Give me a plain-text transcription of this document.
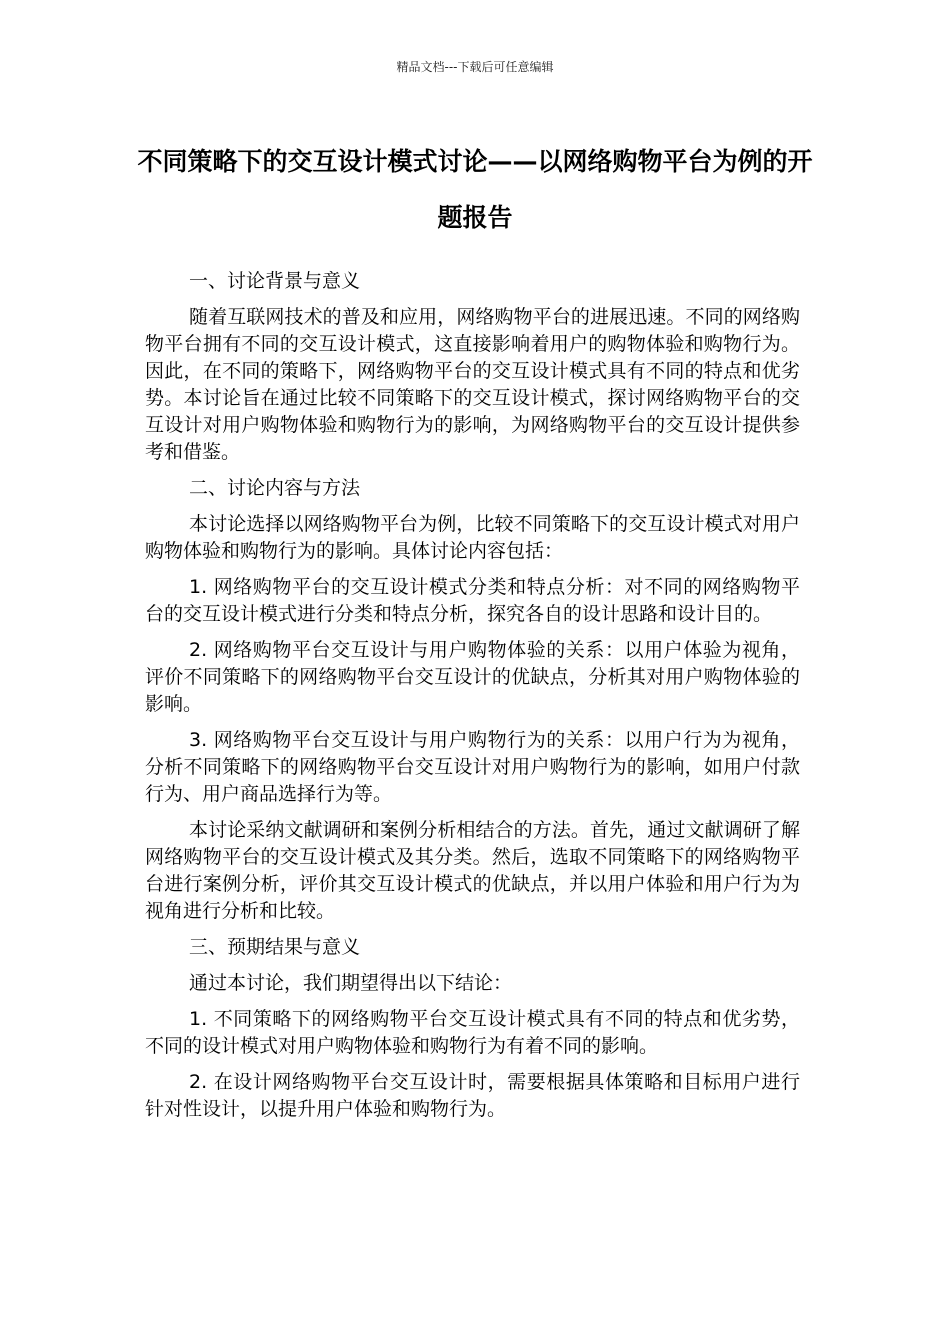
精品文档---下载后可任意编辑
不同策略下的交互设计模式讨论——以网络购物平台为例的开题报告

一、讨论背景与意义

随着互联网技术的普及和应用，网络购物平台的进展迅速。不同的网络购物平台拥有不同的交互设计模式，这直接影响着用户的购物体验和购物行为。因此，在不同的策略下，网络购物平台的交互设计模式具有不同的特点和优劣势。本讨论旨在通过比较不同策略下的交互设计模式，探讨网络购物平台的交互设计对用户购物体验和购物行为的影响，为网络购物平台的交互设计提供参考和借鉴。

二、讨论内容与方法

本讨论选择以网络购物平台为例，比较不同策略下的交互设计模式对用户购物体验和购物行为的影响。具体讨论内容包括：

1. 网络购物平台的交互设计模式分类和特点分析：对不同的网络购物平台的交互设计模式进行分类和特点分析，探究各自的设计思路和设计目的。

2. 网络购物平台交互设计与用户购物体验的关系：以用户体验为视角，评价不同策略下的网络购物平台交互设计的优缺点，分析其对用户购物体验的影响。

3. 网络购物平台交互设计与用户购物行为的关系：以用户行为为视角，分析不同策略下的网络购物平台交互设计对用户购物行为的影响，如用户付款行为、用户商品选择行为等。

本讨论采纳文献调研和案例分析相结合的方法。首先，通过文献调研了解网络购物平台的交互设计模式及其分类。然后，选取不同策略下的网络购物平台进行案例分析，评价其交互设计模式的优缺点，并以用户体验和用户行为为视角进行分析和比较。

三、预期结果与意义

通过本讨论，我们期望得出以下结论：

1. 不同策略下的网络购物平台交互设计模式具有不同的特点和优劣势，不同的设计模式对用户购物体验和购物行为有着不同的影响。

2. 在设计网络购物平台交互设计时，需要根据具体策略和目标用户进行针对性设计，以提升用户体验和购物行为。
